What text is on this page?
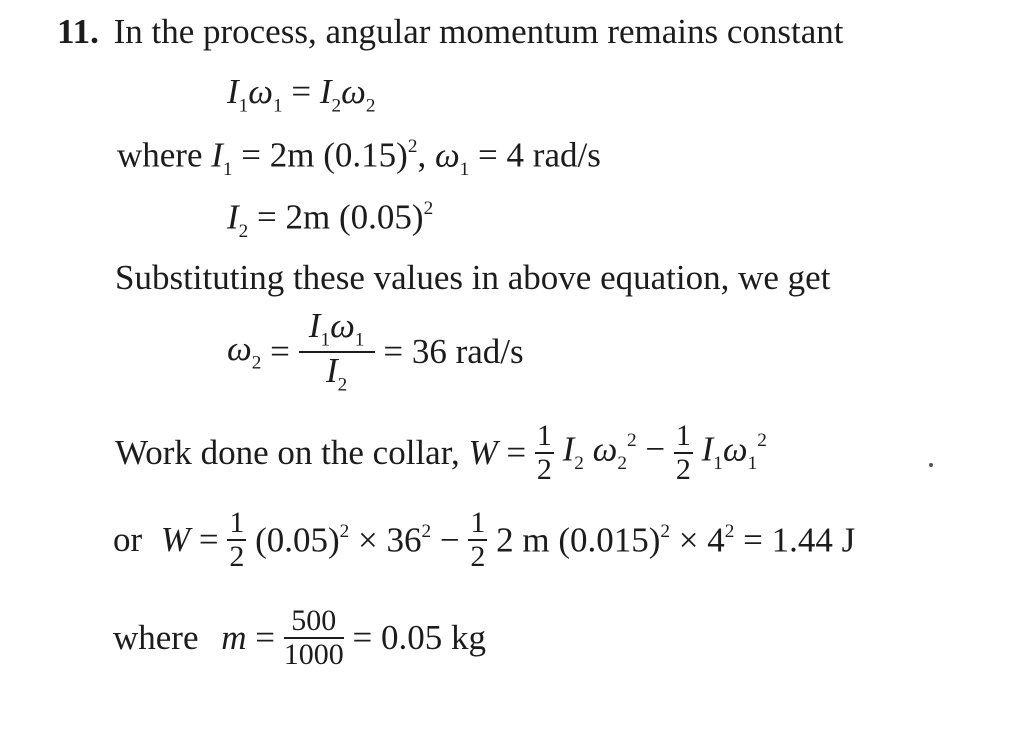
11. In the process, angular momentum remains constant
$I_1\omega_1 = I_2\omega_2$
where $I_1 = 2m$ $(0.15)^2$, $\omega_1 = 4$ rad/s
$I_2 = 2m$ $(0.05)^2$
Substituting these values in above equation, we get
$\omega_2 = \frac{I_1\omega_1}{I_2} = 36$ rad/s
Work done on the collar, $W = \frac{1}{2} I_2$ $\omega_2^2 - \frac{1}{2} I_1\omega_1^2$
or $W = \frac{1}{2} (0.05)^2 \times 36^2 - \frac{1}{2} 2$ m $(0.015)^2 \times 4^2 = 1.44$ J
where $m = \frac{500}{1000} = 0.05$ kg
